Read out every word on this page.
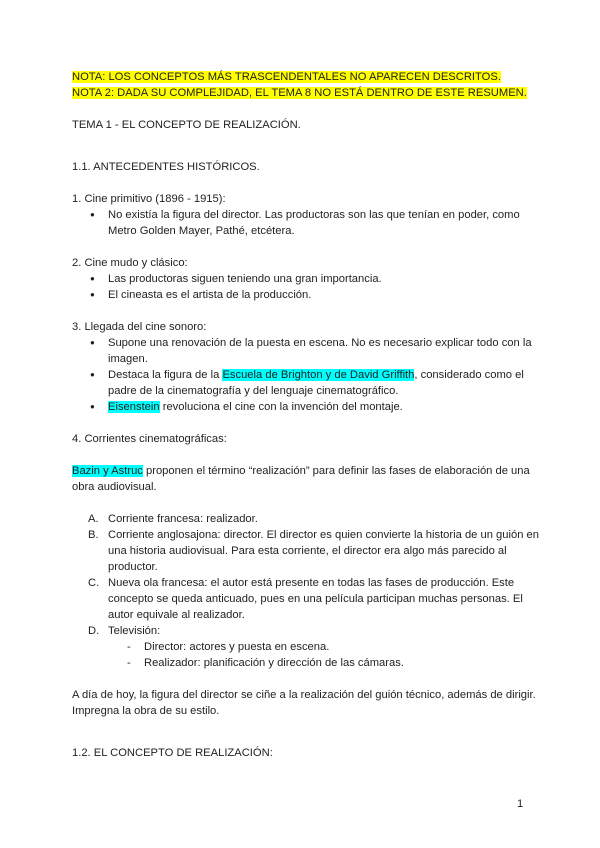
NOTA: LOS CONCEPTOS MÁS TRASCENDENTALES NO APARECEN DESCRITOS.

NOTA 2: DADA SU COMPLEJIDAD, EL TEMA 8 NO ESTÁ DENTRO DE ESTE RESUMEN.

TEMA 1 - EL CONCEPTO DE REALIZACIÓN.

1.1. ANTECEDENTES HISTÓRICOS.

1. Cine primitivo (1896 - 1915):

● No existía la figura del director. Las productoras son las que tenían en poder, como Metro Golden Mayer, Pathé, etcétera.

2. Cine mudo y clásico:

● Las productoras siguen teniendo una gran importancia.
● El cineasta es el artista de la producción.

3. Llegada del cine sonoro:

● Supone una renovación de la puesta en escena. No es necesario explicar todo con la imagen.
● Destaca la figura de la Escuela de Brighton y de David Griffith, considerado como el padre de la cinematografía y del lenguaje cinematográfico.
● Eisenstein revoluciona el cine con la invención del montaje.

4. Corrientes cinematográficas:

Bazin y Astruc proponen el término “realización” para definir las fases de elaboración de una obra audiovisual.

A. Corriente francesa: realizador.
B. Corriente anglosajona: director. El director es quien convierte la historia de un guión en una historia audiovisual. Para esta corriente, el director era algo más parecido al productor.
C. Nueva ola francesa: el autor está presente en todas las fases de producción. Este concepto se queda anticuado, pues en una película participan muchas personas. El autor equivale al realizador.
D. Televisión:
- Director: actores y puesta en escena.
- Realizador: planificación y dirección de las cámaras.

A día de hoy, la figura del director se ciñe a la realización del guión técnico, además de dirigir. Impregna la obra de su estilo.

1.2. EL CONCEPTO DE REALIZACIÓN:

1
